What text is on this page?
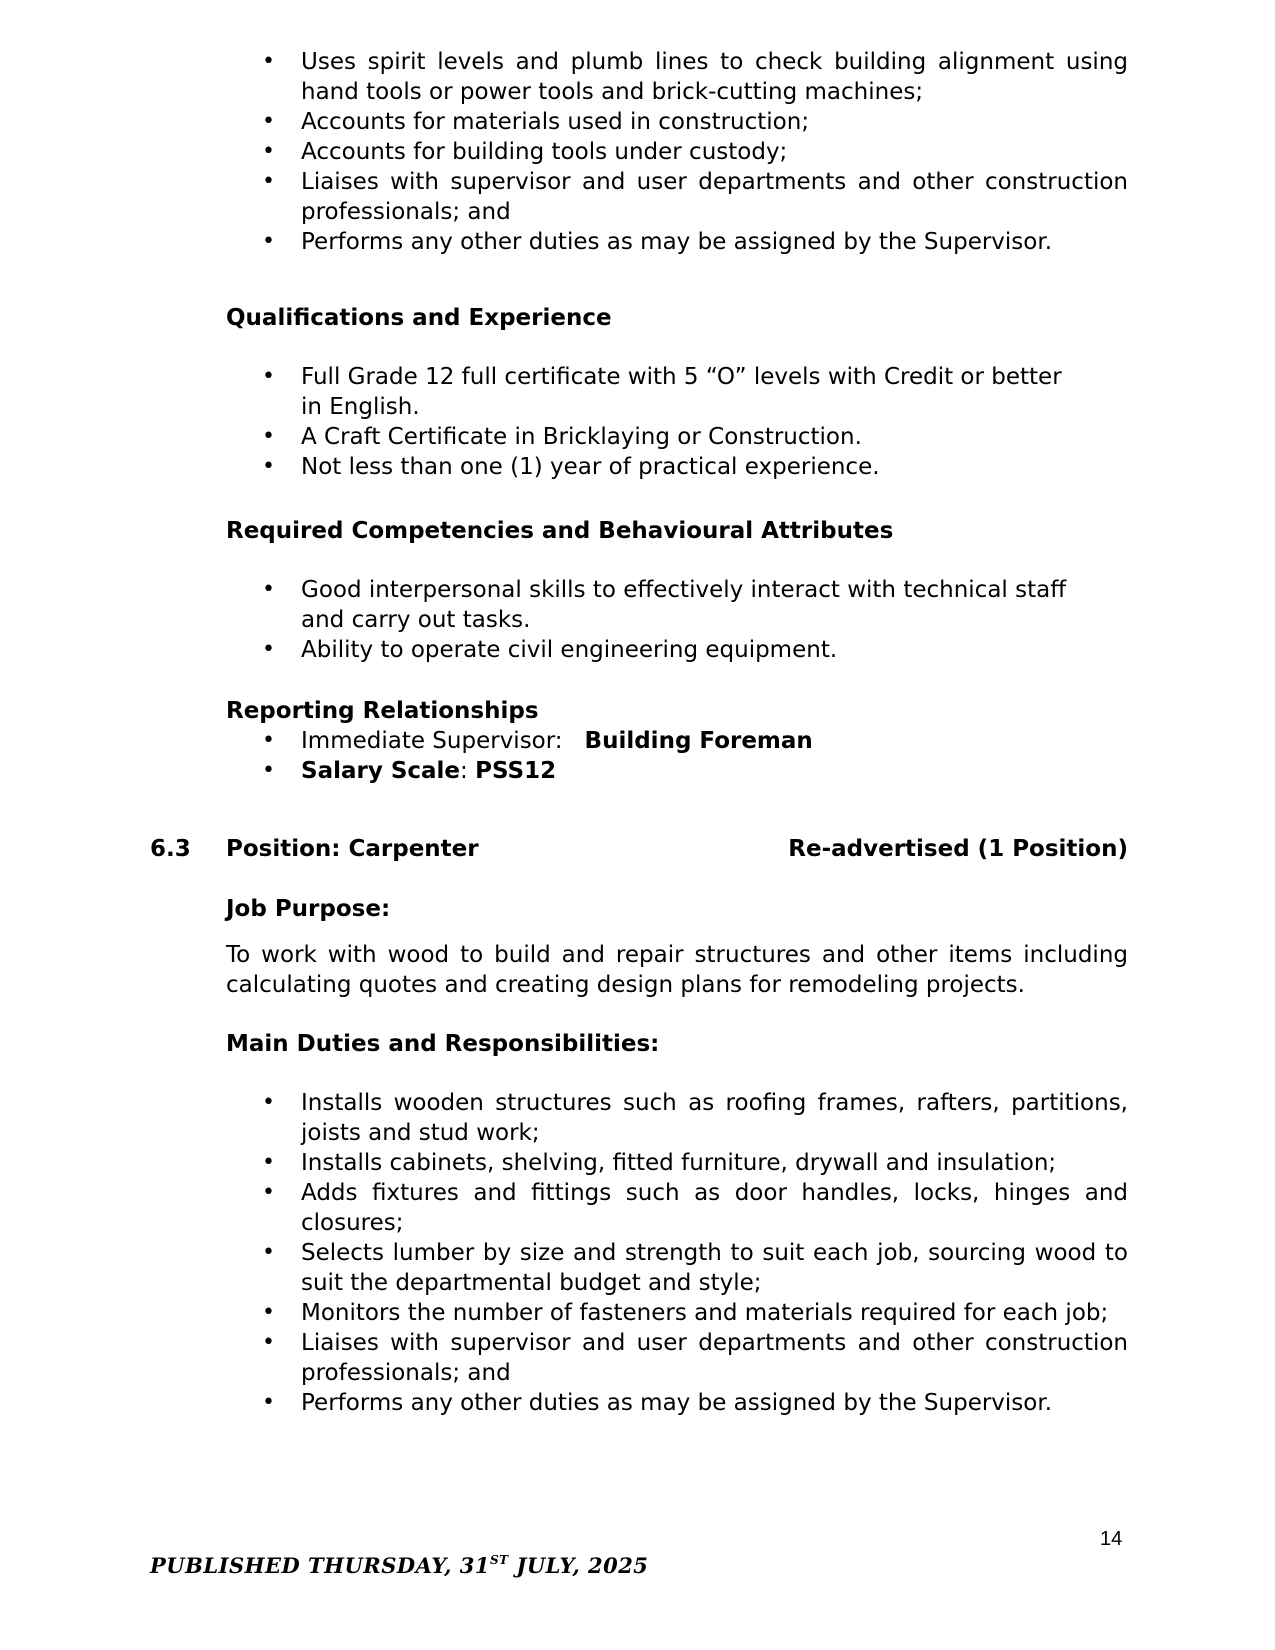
• Uses spirit levels and plumb lines to check building alignment using hand tools or power tools and brick-cutting machines;
• Accounts for materials used in construction;
• Accounts for building tools under custody;
• Liaises with supervisor and user departments and other construction professionals; and
• Performs any other duties as may be assigned by the Supervisor.
Qualifications and Experience
• Full Grade 12 full certificate with 5 “O” levels with Credit or better in English.
• A Craft Certificate in Bricklaying or Construction.
• Not less than one (1) year of practical experience.
Required Competencies and Behavioural Attributes
• Good interpersonal skills to effectively interact with technical staff and carry out tasks.
• Ability to operate civil engineering equipment.
Reporting Relationships
• Immediate Supervisor: Building Foreman
• Salary Scale: PSS12
6.3 Position: Carpenter	Re-advertised (1 Position)
Job Purpose:
To work with wood to build and repair structures and other items including calculating quotes and creating design plans for remodeling projects.
Main Duties and Responsibilities:
• Installs wooden structures such as roofing frames, rafters, partitions, joists and stud work;
• Installs cabinets, shelving, fitted furniture, drywall and insulation;
• Adds fixtures and fittings such as door handles, locks, hinges and closures;
• Selects lumber by size and strength to suit each job, sourcing wood to suit the departmental budget and style;
• Monitors the number of fasteners and materials required for each job;
• Liaises with supervisor and user departments and other construction professionals; and
• Performs any other duties as may be assigned by the Supervisor.
14
PUBLISHED THURSDAY, 31ST JULY, 2025
